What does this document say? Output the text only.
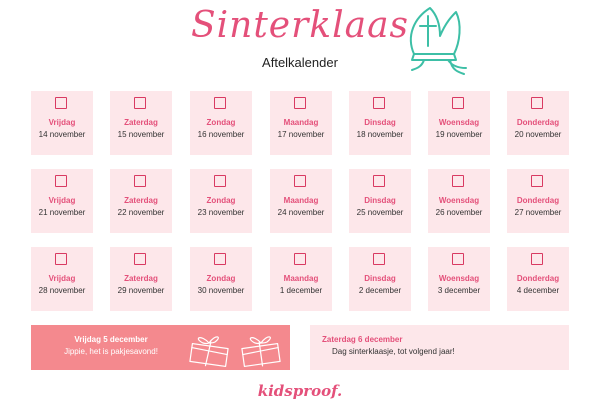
Sinterklaas
Aftelkalender
Vrijdag
14 november
Zaterdag
15 november
Zondag
16 november
Maandag
17 november
Dinsdag
18 november
Woensdag
19 november
Donderdag
20 november
Vrijdag
21 november
Zaterdag
22 november
Zondag
23 november
Maandag
24 november
Dinsdag
25 november
Woensdag
26 november
Donderdag
27 november
Vrijdag
28 november
Zaterdag
29 november
Zondag
30 november
Maandag
1 december
Dinsdag
2 december
Woensdag
3 december
Donderdag
4 december
Vrijdag 5 december
Jippie, het is pakjesavond!
Zaterdag 6 december
Dag sinterklaasje, tot volgend jaar!
kidsproof.
